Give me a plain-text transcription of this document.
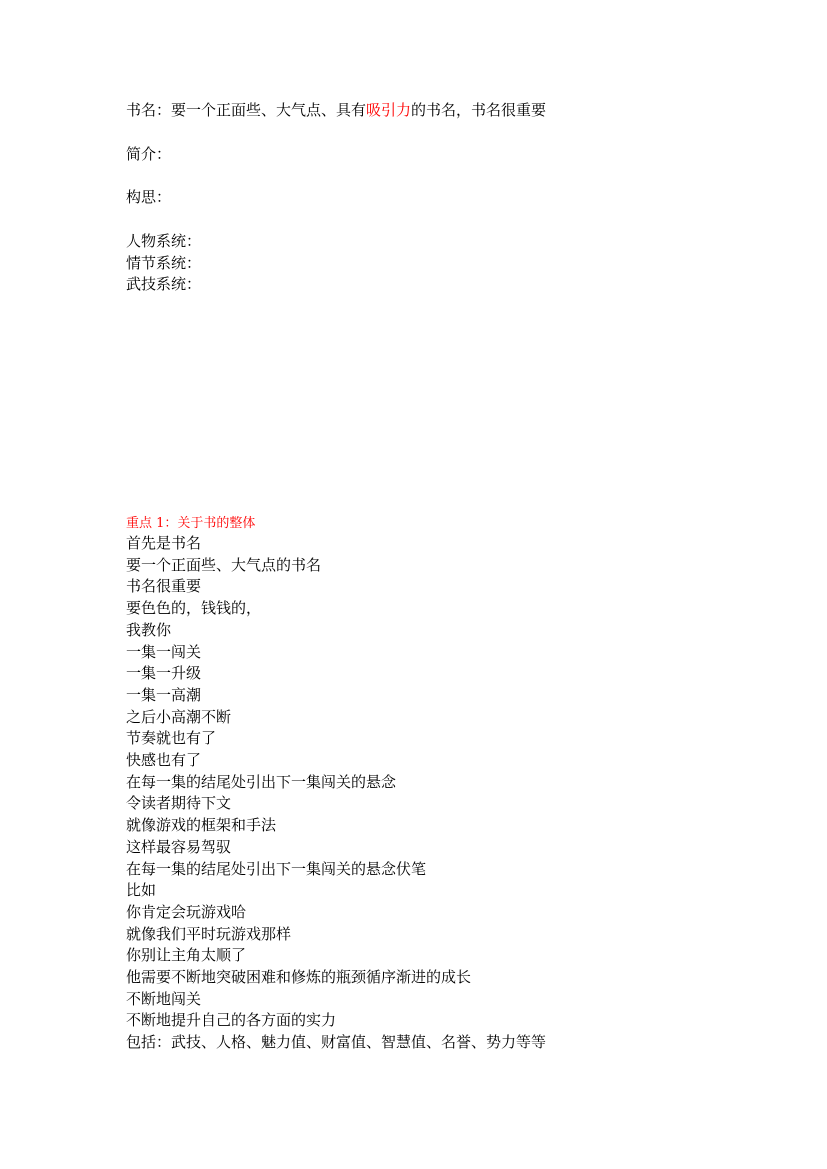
书名：要一个正面些、大气点、具有吸引力的书名，书名很重要
简介：
构思：
人物系统：
情节系统：
武技系统：
重点 1：关于书的整体
首先是书名
要一个正面些、大气点的书名
书名很重要
要色色的，钱钱的，
我教你
一集一闯关
一集一升级
一集一高潮
之后小高潮不断
节奏就也有了
快感也有了
在每一集的结尾处引出下一集闯关的悬念
令读者期待下文
就像游戏的框架和手法
这样最容易驾驭
在每一集的结尾处引出下一集闯关的悬念伏笔
比如
你肯定会玩游戏哈
就像我们平时玩游戏那样
你别让主角太顺了
他需要不断地突破困难和修炼的瓶颈循序渐进的成长
不断地闯关
不断地提升自己的各方面的实力
包括：武技、人格、魅力值、财富值、智慧值、名誉、势力等等
